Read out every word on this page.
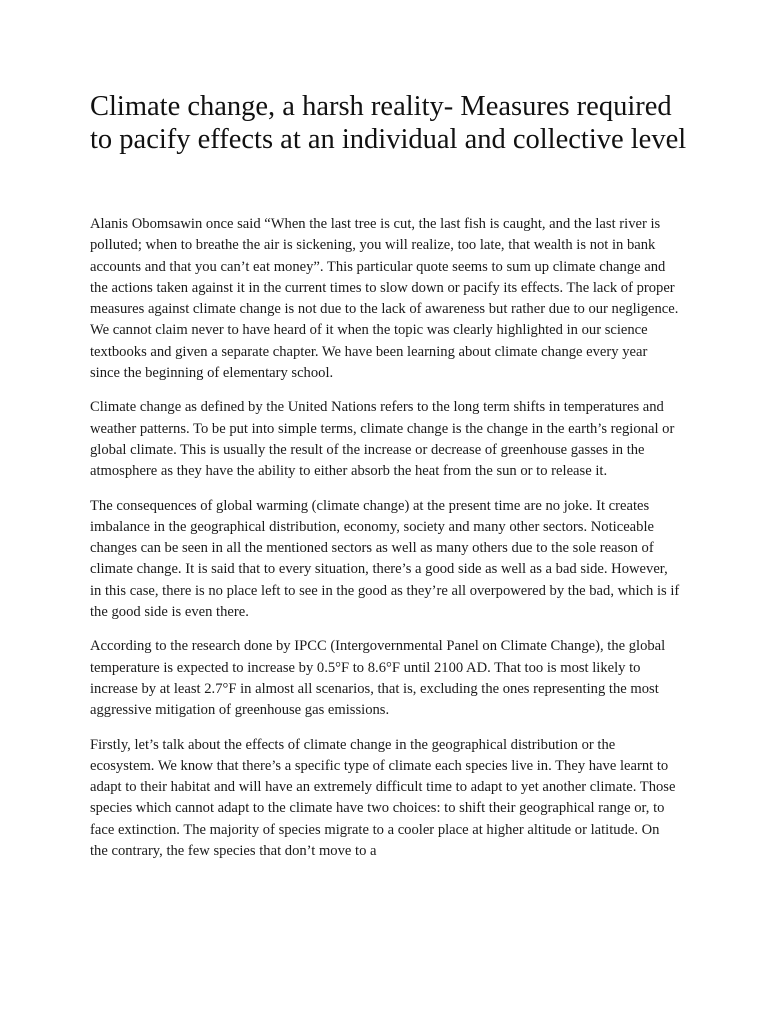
Climate change, a harsh reality- Measures required to pacify effects at an individual and collective level

Alanis Obomsawin once said “When the last tree is cut, the last fish is caught, and the last river is polluted; when to breathe the air is sickening, you will realize, too late, that wealth is not in bank accounts and that you can’t eat money”. This particular quote seems to sum up climate change and the actions taken against it in the current times to slow down or pacify its effects. The lack of proper measures against climate change is not due to the lack of awareness but rather due to our negligence. We cannot claim never to have heard of it when the topic was clearly highlighted in our science textbooks and given a separate chapter. We have been learning about climate change every year since the beginning of elementary school.

Climate change as defined by the United Nations refers to the long term shifts in temperatures and weather patterns. To be put into simple terms, climate change is the change in the earth’s regional or global climate. This is usually the result of the increase or decrease of greenhouse gasses in the atmosphere as they have the ability to either absorb the heat from the sun or to release it.

The consequences of global warming (climate change) at the present time are no joke. It creates imbalance in the geographical distribution, economy, society and many other sectors. Noticeable changes can be seen in all the mentioned sectors as well as many others due to the sole reason of climate change. It is said that to every situation, there’s a good side as well as a bad side. However, in this case, there is no place left to see in the good as they’re all overpowered by the bad, which is if the good side is even there.

According to the research done by IPCC (Intergovernmental Panel on Climate Change), the global temperature is expected to increase by 0.5°F to 8.6°F until 2100 AD. That too is most likely to increase by at least 2.7°F in almost all scenarios, that is, excluding the ones representing the most aggressive mitigation of greenhouse gas emissions.

Firstly, let’s talk about the effects of climate change in the geographical distribution or the ecosystem. We know that there’s a specific type of climate each species live in. They have learnt to adapt to their habitat and will have an extremely difficult time to adapt to yet another climate. Those species which cannot adapt to the climate have two choices: to shift their geographical range or, to face extinction. The majority of species migrate to a cooler place at higher altitude or latitude. On the contrary, the few species that don’t move to a
